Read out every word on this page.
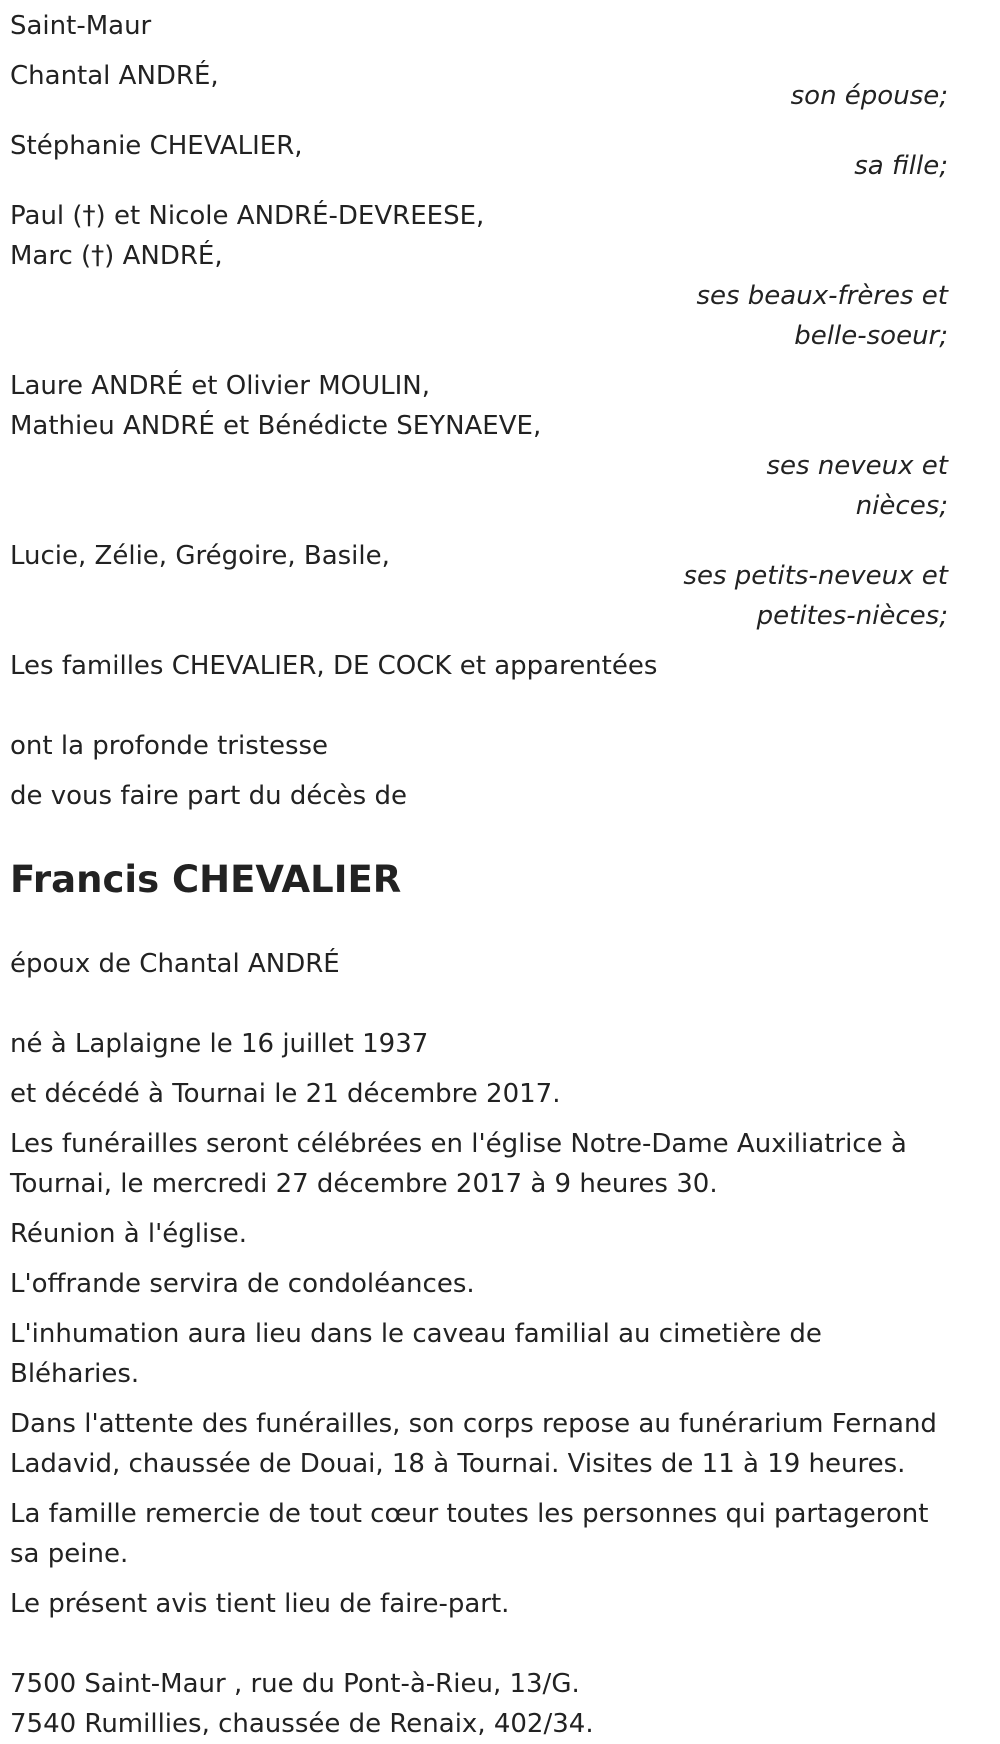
Saint-Maur
Chantal ANDRÉ,
son épouse;
Stéphanie CHEVALIER,
sa fille;
Paul (†) et Nicole ANDRÉ-DEVREESE,
Marc (†) ANDRÉ,
ses beaux-frères et
belle-soeur;
Laure ANDRÉ et Olivier MOULIN,
Mathieu ANDRÉ et Bénédicte SEYNAEVE,
ses neveux et
nièces;
Lucie, Zélie, Grégoire, Basile,
ses petits-neveux et
petites-nièces;
Les familles CHEVALIER, DE COCK et apparentées
ont la profonde tristesse
de vous faire part du décès de
Francis CHEVALIER
époux de Chantal ANDRÉ
né à Laplaigne le 16 juillet 1937
et décédé à Tournai le 21 décembre 2017.
Les funérailles seront célébrées en l'église Notre-Dame Auxiliatrice à Tournai, le mercredi 27 décembre 2017 à 9 heures 30.
Réunion à l'église.
L'offrande servira de condoléances.
L'inhumation aura lieu dans le caveau familial au cimetière de Bléharies.
Dans l'attente des funérailles, son corps repose au funérarium Fernand Ladavid, chaussée de Douai, 18 à Tournai. Visites de 11 à 19 heures.
La famille remercie de tout cœur toutes les personnes qui partageront sa peine.
Le présent avis tient lieu de faire-part.
7500 Saint-Maur , rue du Pont-à-Rieu, 13/G.
7540 Rumillies, chaussée de Renaix, 402/34.
